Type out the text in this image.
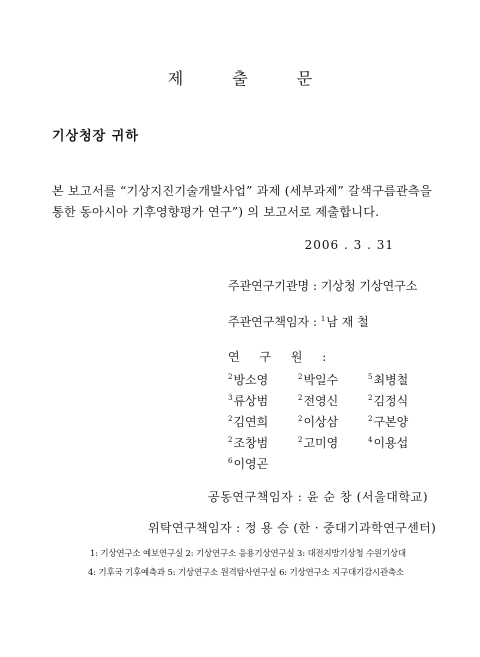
제 출 문
기상청장 귀하
본 보고서를 “기상지진기술개발사업” 과제 (세부과제” 갈색구름관측을
통한 동아시아 기후영향평가 연구”) 의 보고서로 제출합니다.
2006 . 3 . 31
주관연구기관명 : 기상청 기상연구소
주관연구책임자 : $^1$남 재 철
연 구 원 :
$^2$방소영	$^2$박일수	$^5$최병철
$^3$류상범	$^2$전영신	$^2$김정식
$^2$김연희	$^2$이상삼	$^2$구본양
$^2$조창범	$^2$고미영	$^4$이용섭
$^6$이영곤
공동연구책임자 : 윤 순 창 (서울대학교)
위탁연구책임자 : 정 용 승 (한 · 중대기과학연구센터)
1: 기상연구소 예보연구실 2: 기상연구소 응용기상연구실 3: 대전지방기상청 수원기상대
4: 기후국 기후예측과 5: 기상연구소 원격탐사연구실 6: 기상연구소 지구대기감시관측소
